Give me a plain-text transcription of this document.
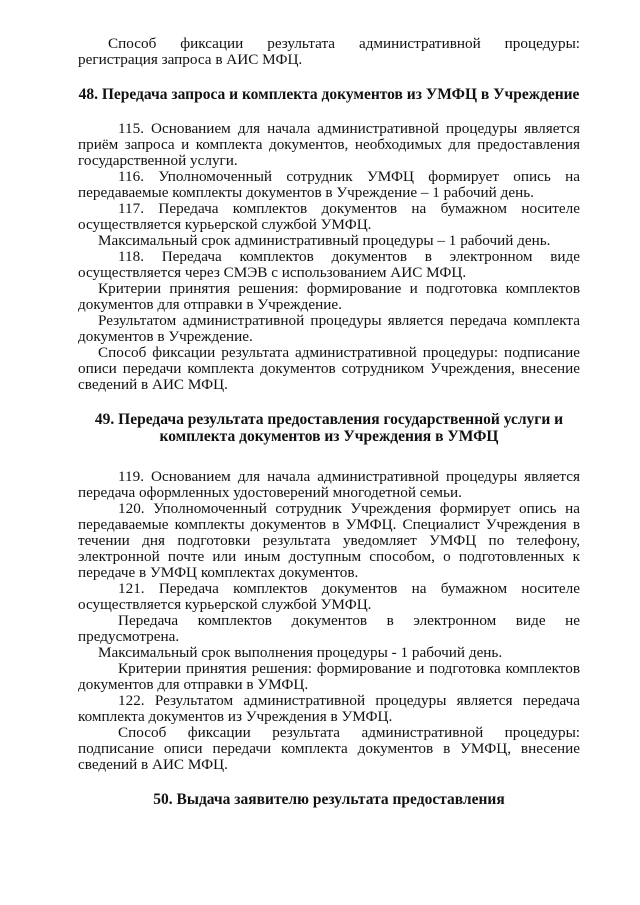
Способ фиксации результата административной процедуры: регистрация запроса в АИС МФЦ.

48. Передача запроса и комплекта документов из УМФЦ в Учреждение

115. Основанием для начала административной процедуры является приём запроса и комплекта документов, необходимых для предоставления государственной услуги.

116. Уполномоченный сотрудник УМФЦ формирует опись на передаваемые комплекты документов в Учреждение – 1 рабочий день.

117. Передача комплектов документов на бумажном носителе осуществляется курьерской службой УМФЦ.

Максимальный срок административный процедуры – 1 рабочий день.

118. Передача комплектов документов в электронном виде осуществляется через СМЭВ с использованием АИС МФЦ.

Критерии принятия решения: формирование и подготовка комплектов документов для отправки в Учреждение.

Результатом административной процедуры является передача комплекта документов в Учреждение.

Способ фиксации результата административной процедуры: подписание описи передачи комплекта документов сотрудником Учреждения, внесение сведений в АИС МФЦ.

49. Передача результата предоставления государственной услуги и комплекта документов из Учреждения в УМФЦ

119. Основанием для начала административной процедуры является передача оформленных удостоверений многодетной семьи.

120. Уполномоченный сотрудник Учреждения формирует опись на передаваемые комплекты документов в УМФЦ. Специалист Учреждения в течении дня подготовки результата уведомляет УМФЦ по телефону, электронной почте или иным доступным способом, о подготовленных к передаче в УМФЦ комплектах документов.

121. Передача комплектов документов на бумажном носителе осуществляется курьерской службой УМФЦ.

Передача комплектов документов в электронном виде не предусмотрена.

Максимальный срок выполнения процедуры - 1 рабочий день.

Критерии принятия решения: формирование и подготовка комплектов документов для отправки в УМФЦ.

122. Результатом административной процедуры является передача комплекта документов из Учреждения в УМФЦ.

Способ фиксации результата административной процедуры: подписание описи передачи комплекта документов в УМФЦ, внесение сведений в АИС МФЦ.

50. Выдача заявителю результата предоставления
